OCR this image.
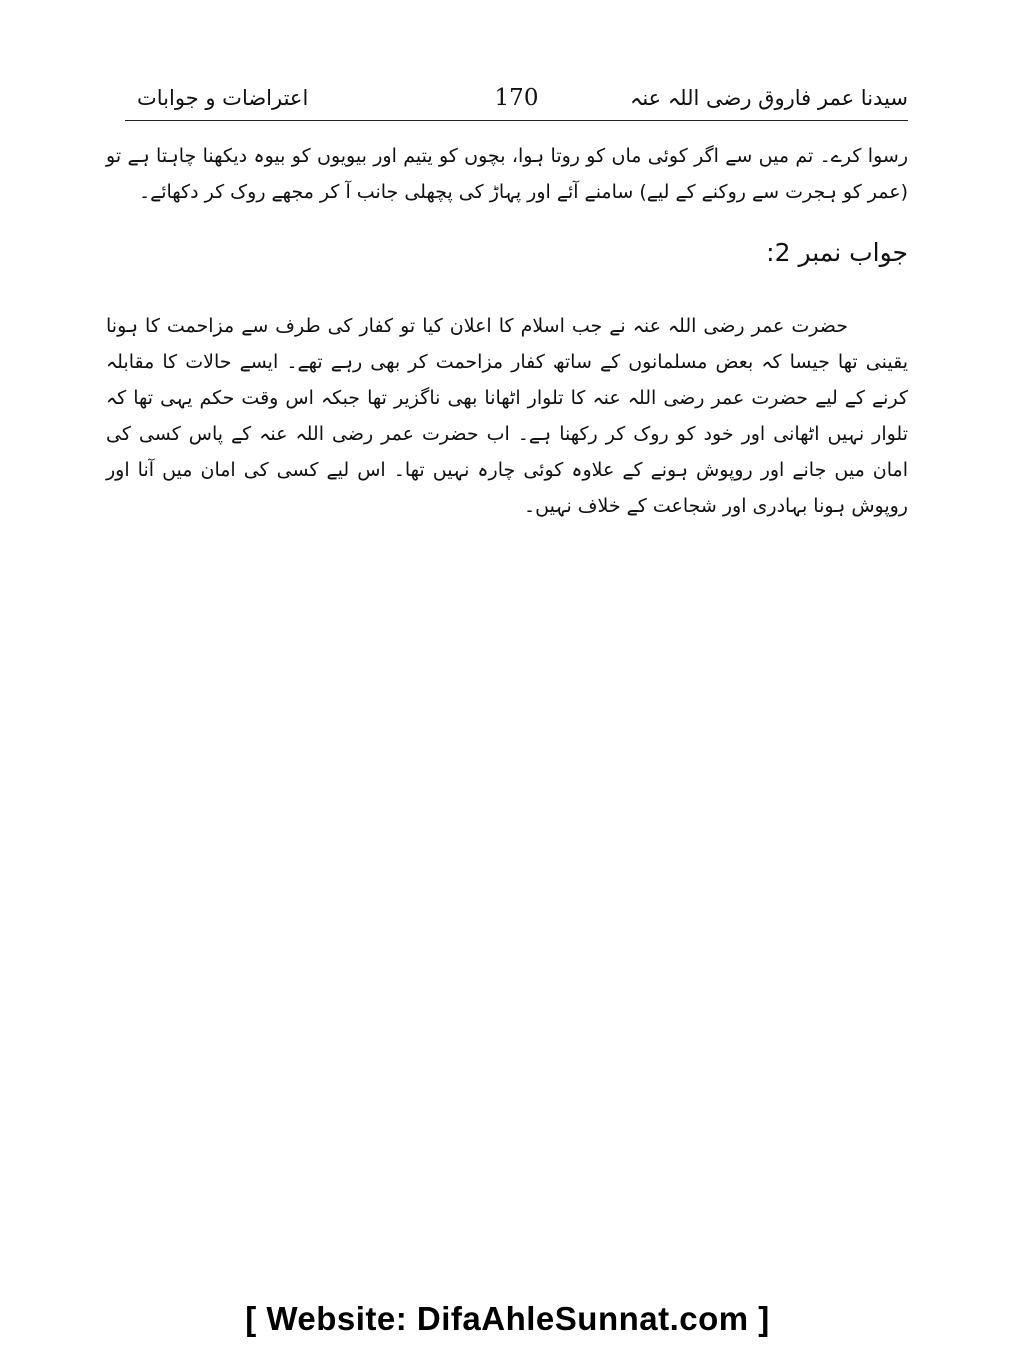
سیدنا عمر فاروق رضی اللہ عنہ
170
اعتراضات و جوابات

رسوا کرے۔ تم میں سے اگر کوئی ماں کو روتا ہوا، بچوں کو یتیم اور بیویوں کو بیوہ دیکھنا چاہتا ہے تو (عمر کو ہجرت سے روکنے کے لیے) سامنے آئے اور پہاڑ کی پچھلی جانب آ کر مجھے روک کر دکھائے۔

جواب نمبر 2:

حضرت عمر رضی اللہ عنہ نے جب اسلام کا اعلان کیا تو کفار کی طرف سے مزاحمت کا ہونا یقینی تھا جیسا کہ بعض مسلمانوں کے ساتھ کفار مزاحمت کر بھی رہے تھے۔ ایسے حالات کا مقابلہ کرنے کے لیے حضرت عمر رضی اللہ عنہ کا تلوار اٹھانا بھی ناگزیر تھا جبکہ اس وقت حکم یہی تھا کہ تلوار نہیں اٹھانی اور خود کو روک کر رکھنا ہے۔ اب حضرت عمر رضی اللہ عنہ کے پاس کسی کی امان میں جانے اور روپوش ہونے کے علاوہ کوئی چارہ نہیں تھا۔ اس لیے کسی کی امان میں آنا اور روپوش ہونا بہادری اور شجاعت کے خلاف نہیں۔

[ Website: DifaAhleSunnat.com ]
